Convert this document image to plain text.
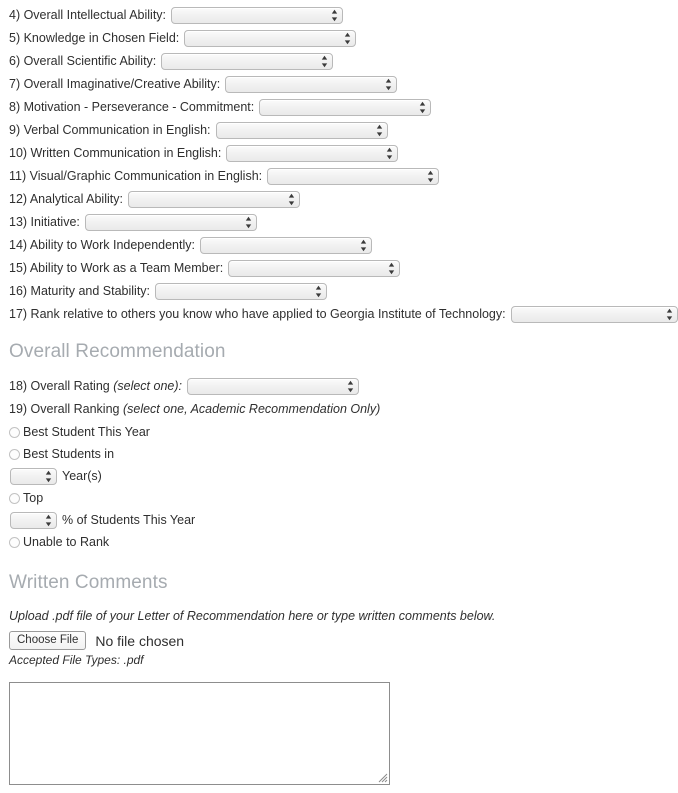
4) Overall Intellectual Ability:
5) Knowledge in Chosen Field:
6) Overall Scientific Ability:
7) Overall Imaginative/Creative Ability:
8) Motivation - Perseverance - Commitment:
9) Verbal Communication in English:
10) Written Communication in English:
11) Visual/Graphic Communication in English:
12) Analytical Ability:
13) Initiative:
14) Ability to Work Independently:
15) Ability to Work as a Team Member:
16) Maturity and Stability:
17) Rank relative to others you know who have applied to Georgia Institute of Technology:
Overall Recommendation
18) Overall Rating (select one):
19) Overall Ranking (select one, Academic Recommendation Only)
Best Student This Year
Best Students in
Year(s)
Top
% of Students This Year
Unable to Rank
Written Comments
Upload .pdf file of your Letter of Recommendation here or type written comments below.
Choose File	No file chosen
Accepted File Types: .pdf
